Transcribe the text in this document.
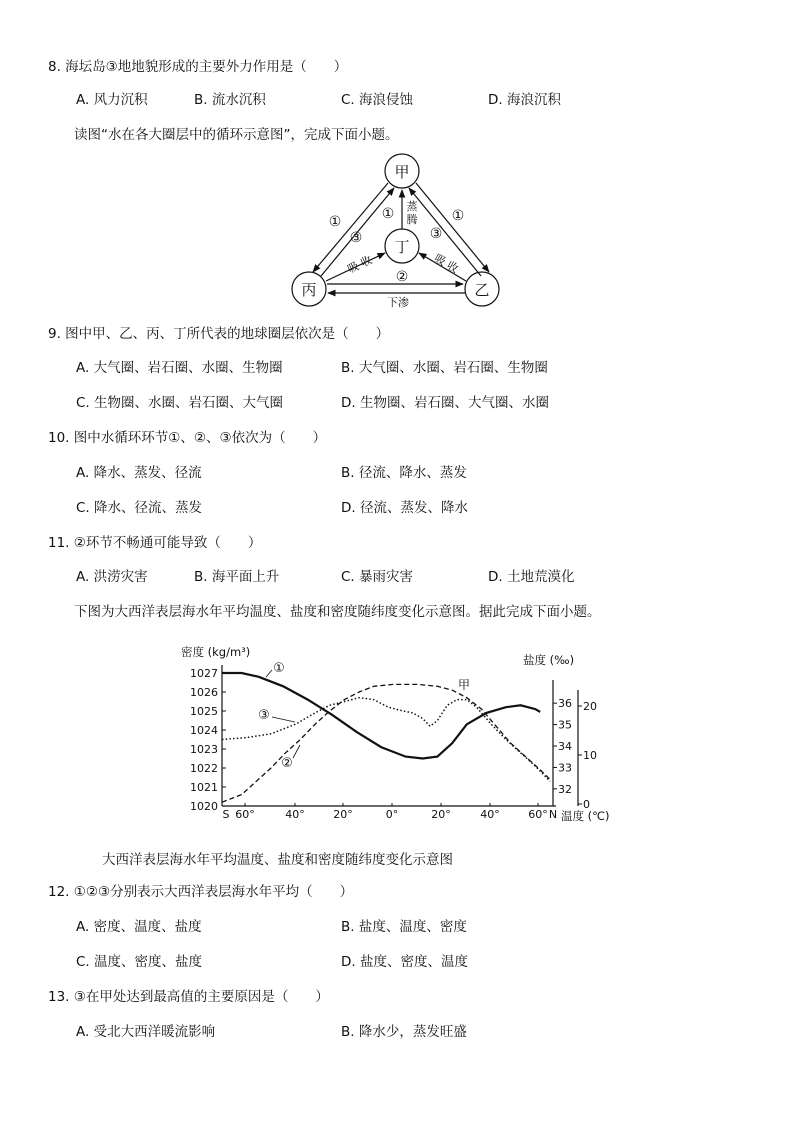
8. 海坛岛③地地貌形成的主要外力作用是（　　）
A. 风力沉积	B. 流水沉积	C. 海浪侵蚀	D. 海浪沉积
读图“水在各大圈层中的循环示意图”，完成下面小题。
甲
丙	乙
丁
①
③
① 蒸
腾 ①
③
吸 收	吸 收
②
下渗
9. 图中甲、乙、丙、丁所代表的地球圈层依次是（　　）
A. 大气圈、岩石圈、水圈、生物圈	B. 大气圈、水圈、岩石圈、生物圈
C. 生物圈、水圈、岩石圈、大气圈	D. 生物圈、岩石圈、大气圈、水圈
10. 图中水循环环节①、②、③依次为（　　）
A. 降水、蒸发、径流	B. 径流、降水、蒸发
C. 降水、径流、蒸发	D. 径流、蒸发、降水
11. ②环节不畅通可能导致（　　）
A. 洪涝灾害	B. 海平面上升	C. 暴雨灾害	D. 土地荒漠化
下图为大西洋表层海水年平均温度、盐度和密度随纬度变化示意图。据此完成下面小题。
1027
1026
1025
1024
1023
1022
1021
1020
36
35
34
33
32
20
10
0
S 60°	40°	20°	0°	20°	40°	60° N
密度 (kg/m³)
盐度 (‰)
温度 (℃)
①
②
③
甲
大西洋表层海水年平均温度、盐度和密度随纬度变化示意图
12. ①②③分别表示大西洋表层海水年平均（　　）
A. 密度、温度、盐度	B. 盐度、温度、密度
C. 温度、密度、盐度	D. 盐度、密度、温度
13. ③在甲处达到最高值的主要原因是（　　）
A. 受北大西洋暖流影响	B. 降水少，蒸发旺盛
